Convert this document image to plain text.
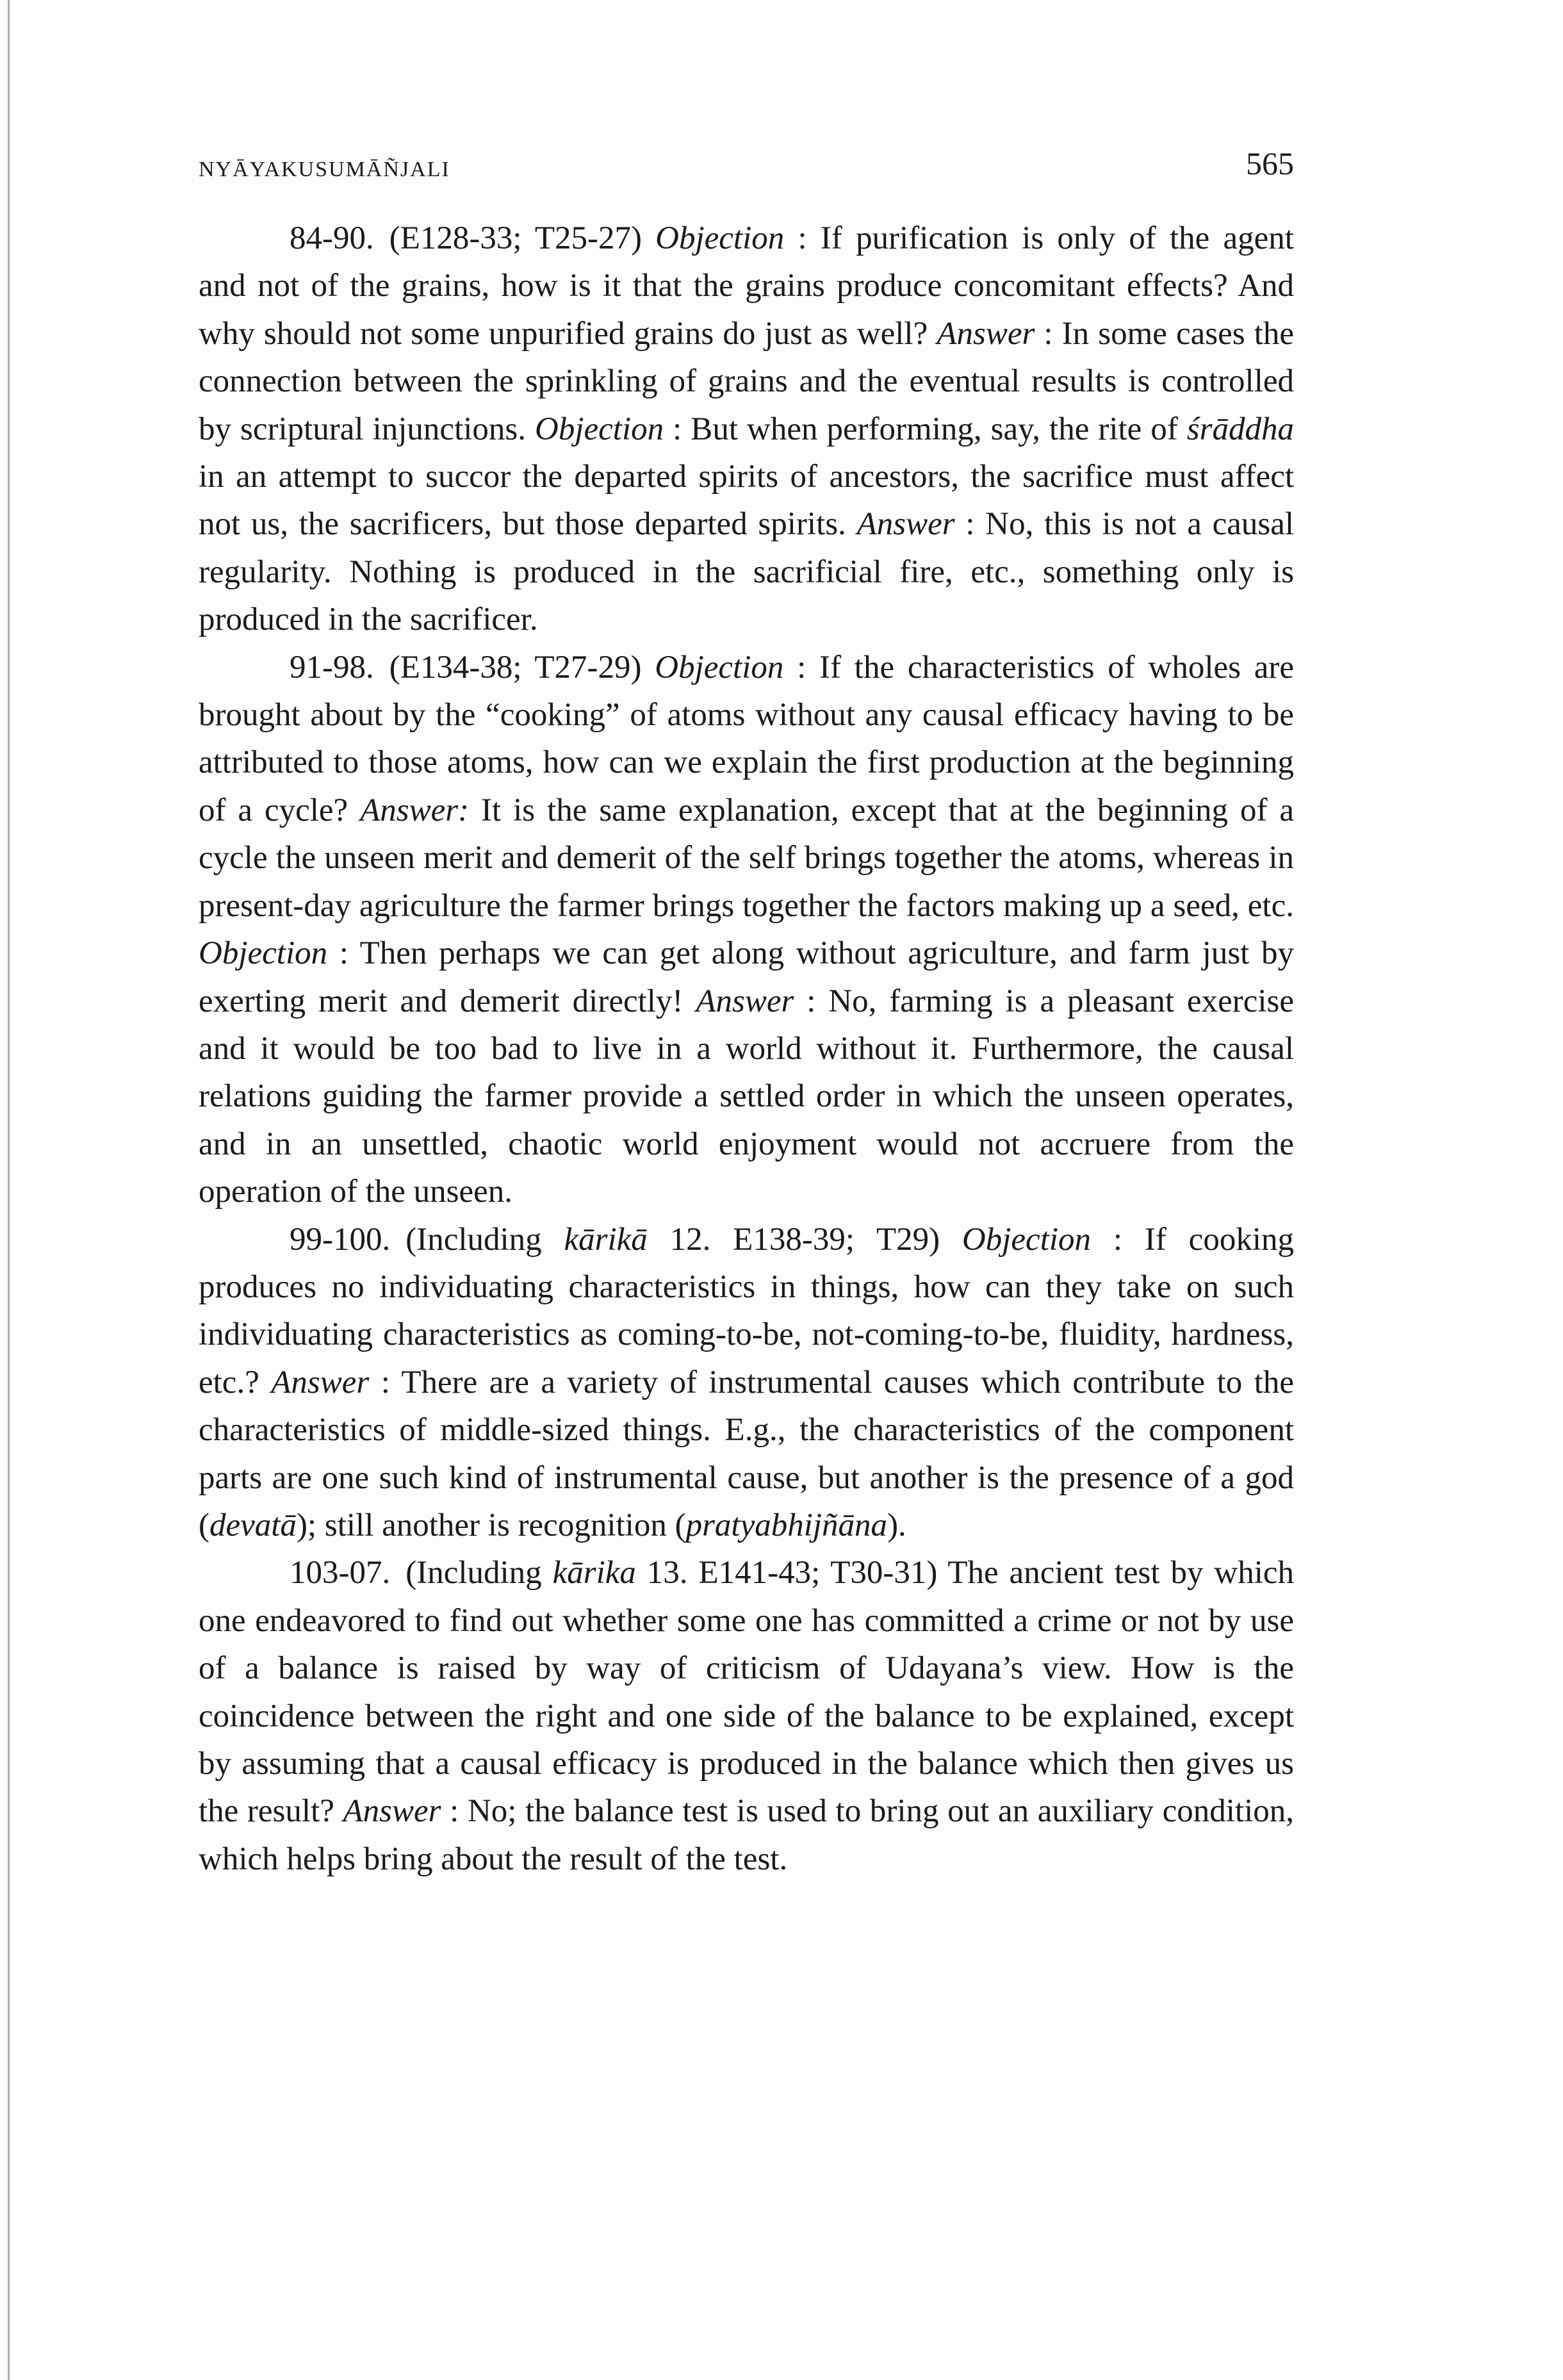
NYĀYAKUSUMĀÑJALI	565

84-90. (E128-33; T25-27) Objection : If purification is only of the agent and not of the grains, how is it that the grains produce concomitant effects? And why should not some unpurified grains do just as well? Answer : In some cases the connection between the sprinkling of grains and the eventual results is controlled by scriptural injunctions. Objection : But when performing, say, the rite of śrāddha in an attempt to succor the departed spirits of ancestors, the sacrifice must affect not us, the sacrificers, but those departed spirits. Answer : No, this is not a causal regularity. Nothing is produced in the sacrificial fire, etc., something only is produced in the sacrificer.

91-98. (E134-38; T27-29) Objection : If the characteristics of wholes are brought about by the “cooking” of atoms without any causal efficacy having to be attributed to those atoms, how can we explain the first production at the beginning of a cycle? Answer: It is the same explanation, except that at the beginning of a cycle the unseen merit and demerit of the self brings together the atoms, whereas in present-day agriculture the farmer brings together the factors making up a seed, etc. Objection : Then perhaps we can get along without agriculture, and farm just by exerting merit and demerit directly! Answer : No, farming is a pleasant exercise and it would be too bad to live in a world without it. Furthermore, the causal relations guiding the farmer provide a settled order in which the unseen operates, and in an unsettled, chaotic world enjoyment would not accruere from the operation of the unseen.

99-100. (Including kārikā 12. E138-39; T29) Objection : If cooking produces no individuating characteristics in things, how can they take on such individuating characteristics as coming-to-be, not-coming-to-be, fluidity, hardness, etc.? Answer : There are a variety of instrumental causes which contribute to the characteristics of middle-sized things. E.g., the characteristics of the component parts are one such kind of instrumental cause, but another is the presence of a god (devatā); still another is recognition (pratyabhijñāna).

103-07. (Including kārika 13. E141-43; T30-31) The ancient test by which one endeavored to find out whether some one has committed a crime or not by use of a balance is raised by way of criticism of Udayana’s view. How is the coincidence between the right and one side of the balance to be explained, except by assuming that a causal efficacy is produced in the balance which then gives us the result? Answer : No; the balance test is used to bring out an auxiliary condition, which helps bring about the result of the test.
